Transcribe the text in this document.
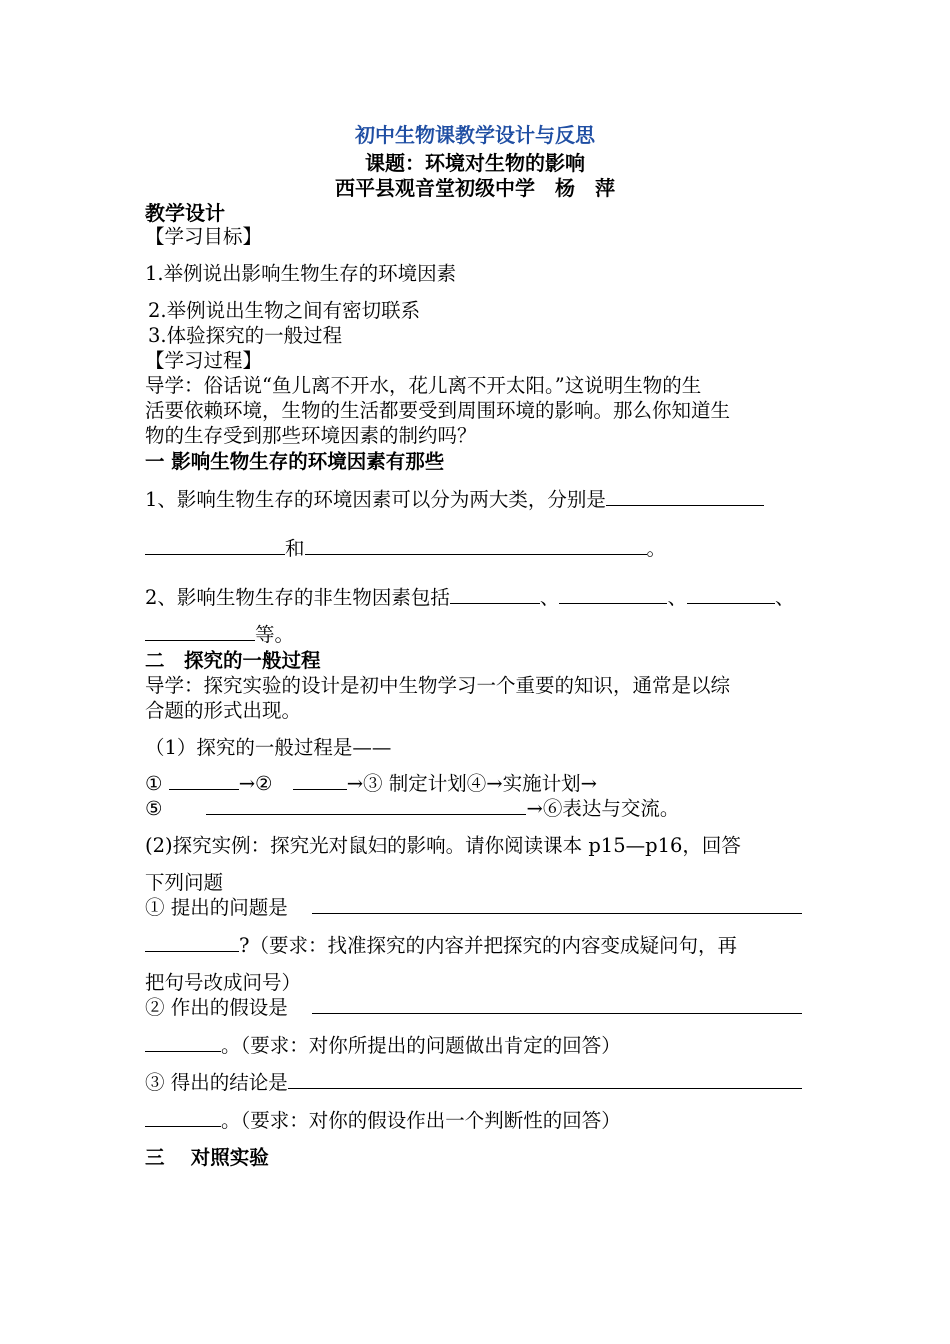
初中生物课教学设计与反思
课题：环境对生物的影响
西平县观音堂初级中学　杨　萍
教学设计
【学习目标】
1.举例说出影响生物生存的环境因素
2.举例说出生物之间有密切联系
3.体验探究的一般过程
【学习过程】
导学：俗话说“鱼儿离不开水，花儿离不开太阳。”这说明生物的生
活要依赖环境，生物的生活都要受到周围环境的影响。那么你知道生
物的生存受到那些环境因素的制约吗？
一 影响生物生存的环境因素有那些
1、影响生物生存的环境因素可以分为两大类，分别是
和	。
2、影响生物生存的非生物因素包括	、	、	、
等。
二　探究的一般过程
导学：探究实验的设计是初中生物学习一个重要的知识，通常是以综
合题的形式出现。
（1）探究的一般过程是——
①	→②	→③ 制定计划④→实施计划→
⑤	→⑥表达与交流。
(2)探究实例：探究光对鼠妇的影响。请你阅读课本 p15—p16，回答
下列问题
① 提出的问题是
?（要求：找准探究的内容并把探究的内容变成疑问句，再
把句号改成问号）
② 作出的假设是
。（要求：对你所提出的问题做出肯定的回答）
③ 得出的结论是
。（要求：对你的假设作出一个判断性的回答）
三　 对照实验
